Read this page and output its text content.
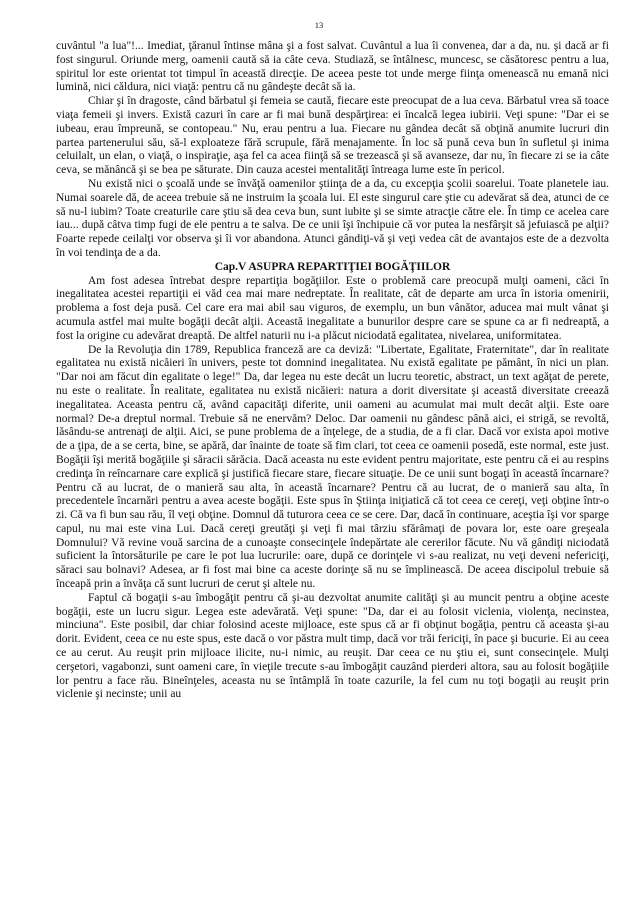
13

cuvântul "a lua"!... Imediat, ţăranul întinse mâna şi a fost salvat. Cuvântul a lua îi convenea, dar a da, nu. şi dacă ar fi fost singurul. Oriunde merg, oamenii caută să ia câte ceva. Studiază, se întâlnesc, muncesc, se căsătoresc pentru a lua, spiritul lor este orientat tot timpul în această direcţie. De aceea peste tot unde merge fiinţa omenească nu emană nici lumină, nici căldura, nici viaţă: pentru că nu gândeşte decât să ia.

Chiar şi în dragoste, când bărbatul şi femeia se caută, fiecare este preocupat de a lua ceva. Bărbatul vrea să toace viaţa femeii şi invers. Există cazuri în care ar fi mai bună despărţirea: ei încalcă legea iubirii. Veţi spune: "Dar ei se iubeau, erau împreună, se contopeau." Nu, erau pentru a lua. Fiecare nu gândea decât să obţină anumite lucruri din partea partenerului său, să-l exploateze fără scrupule, fără menajamente. În loc să pună ceva bun în sufletul şi inima celuilalt, un elan, o viaţă, o inspiraţie, aşa fel ca acea fiinţă să se trezească şi să avanseze, dar nu, în fiecare zi se ia câte ceva, se mănâncă şi se bea pe săturate. Din cauza acestei mentalităţi întreaga lume este în pericol.

Nu există nici o şcoală unde se învăţă oamenilor ştiinţa de a da, cu excepţia şcolii soarelui. Toate planetele iau. Numai soarele dă, de aceea trebuie să ne instruim la şcoala lui. El este singurul care ştie cu adevărat să dea, atunci de ce să nu-l iubim? Toate creaturile care ştiu să dea ceva bun, sunt iubite şi se simte atracţie către ele. În timp ce acelea care iau... după câtva timp fugi de ele pentru a te salva. De ce unii îşi închipuie că vor putea la nesfârşit să jefuiască pe alţii? Foarte repede ceilalţi vor observa şi îi vor abandona. Atunci gândiţi-vă şi veţi vedea cât de avantajos este de a dezvolta în voi tendinţa de a da.

Cap.V ASUPRA REPARTIŢIEI BOGĂŢIILOR

Am fost adesea întrebat despre repartiţia bogăţiilor. Este o problemă care preocupă mulţi oameni, căci în inegalitatea acestei repartiţii ei văd cea mai mare nedreptate. În realitate, cât de departe am urca în istoria omenirii, problema a fost deja pusă. Cel care era mai abil sau viguros, de exemplu, un bun vânător, aducea mai mult vânat şi acumula astfel mai multe bogăţii decât alţii. Această inegalitate a bunurilor despre care se spune ca ar fi nedreaptă, a fost la origine cu adevărat dreaptă. De altfel naturii nu i-a plăcut niciodată egalitatea, nivelarea, uniformitatea.

De la Revoluţia din 1789, Republica franceză are ca deviză: "Libertate, Egalitate, Fraternitate", dar în realitate egalitatea nu există nicăieri în univers, peste tot domnind inegalitatea. Nu există egalitate pe pământ, în nici un plan. "Dar noi am făcut din egalitate o lege!" Da, dar legea nu este decât un lucru teoretic, abstract, un text agăţat de perete, nu este o realitate. În realitate, egalitatea nu există nicăieri: natura a dorit diversitate şi această diversitate creează inegalitatea. Aceasta pentru că, având capacităţi diferite, unii oameni au acumulat mai mult decât alţii. Este oare normal? De-a dreptul normal. Trebuie să ne enervăm? Deloc. Dar oamenii nu gândesc până aici, ei strigă, se revoltă, lăsându-se antrenaţi de alţii. Aici, se pune problema de a înţelege, de a studia, de a fi clar. Dacă vor exista apoi motive de a ţipa, de a se certa, bine, se apără, dar înainte de toate să fim clari, tot ceea ce oamenii posedă, este normal, este just. Bogăţii îşi merită bogăţiile şi săracii sărăcia. Dacă aceasta nu este evident pentru majoritate, este pentru că ei au respins credinţa în reîncarnare care explică şi justifică fiecare stare, fiecare situaţie. De ce unii sunt bogaţi în această încarnare? Pentru că au lucrat, de o manieră sau alta, în această încarnare? Pentru că au lucrat, de o manieră sau alta, în precedentele încarnări pentru a avea aceste bogăţii. Este spus în Ştiinţa iniţiatică că tot ceea ce cereţi, veţi obţine într-o zi. Că va fi bun sau rău, îl veţi obţine. Domnul dă tuturora ceea ce se cere. Dar, dacă în continuare, aceştia îşi vor sparge capul, nu mai este vina Lui. Dacă cereţi greutăţi şi veţi fi mai târziu sfărâmaţi de povara lor, este oare greşeala Domnului? Vă revine vouă sarcina de a cunoaşte consecinţele îndepărtate ale cererilor făcute. Nu vă gândiţi niciodată suficient la întorsăturile pe care le pot lua lucrurile: oare, după ce dorinţele vi s-au realizat, nu veţi deveni nefericiţi, săraci sau bolnavi? Adesea, ar fi fost mai bine ca aceste dorinţe să nu se împlinească. De aceea discipolul trebuie să înceapă prin a învăţa că sunt lucruri de cerut şi altele nu.

Faptul că bogaţii s-au îmbogăţit pentru că şi-au dezvoltat anumite calităţi şi au muncit pentru a obţine aceste bogăţii, este un lucru sigur. Legea este adevărată. Veţi spune: "Da, dar ei au folosit viclenia, violenţa, necinstea, minciuna". Este posibil, dar chiar folosind aceste mijloace, este spus că ar fi obţinut bogăţia, pentru că aceasta şi-au dorit. Evident, ceea ce nu este spus, este dacă o vor păstra mult timp, dacă vor trăi fericiţi, în pace şi bucurie. Ei au ceea ce au cerut. Au reuşit prin mijloace ilicite, nu-i nimic, au reuşit. Dar ceea ce nu ştiu ei, sunt consecinţele. Mulţi cerşetori, vagabonzi, sunt oameni care, în vieţile trecute s-au îmbogăţit cauzând pierderi altora, sau au folosit bogăţiile lor pentru a face rău. Bineînţeles, aceasta nu se întâmplă în toate cazurile, la fel cum nu toţi bogaţii au reuşit prin viclenie şi necinste; unii au
